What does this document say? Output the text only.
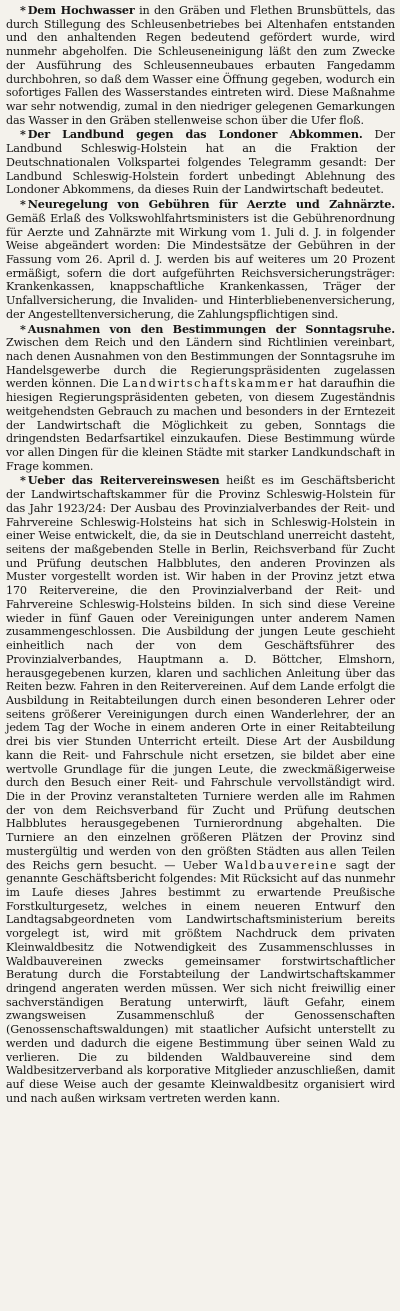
* Dem Hochwasser in den Gräben und Flethen Brunsbüttels, das durch Stillegung des Schleusenbetriebes bei Altenhafen entstanden und den anhaltenden Regen bedeutend gefördert wurde, wird nunmehr abgeholfen. Die Schleuseneinigung läßt den zum Zwecke der Ausführung des Schleusenneubaues erbauten Fangedamm durchbohren, so daß dem Wasser eine Öffnung gegeben, wodurch ein sofortiges Fallen des Wasserstandes eintreten wird. Diese Maßnahme war sehr notwendig, zumal in den niedriger gelegenen Gemarkungen das Wasser in den Gräben stellenweise schon über die Ufer floß.

* Der Landbund gegen das Londoner Abkommen. Der Landbund Schleswig-Holstein hat an die Fraktion der Deutschnationalen Volkspartei folgendes Telegramm gesandt: Der Landbund Schleswig-Holstein fordert unbedingt Ablehnung des Londoner Abkommens, da dieses Ruin der Landwirtschaft bedeutet.

* Neuregelung von Gebühren für Aerzte und Zahnärzte. Gemäß Erlaß des Volkswohlfahrtsministers ist die Gebührenordnung für Aerzte und Zahnärzte mit Wirkung vom 1. Juli d. J. in folgender Weise abgeändert worden: Die Mindestsätze der Gebühren in der Fassung vom 26. April d. J. werden bis auf weiteres um 20 Prozent ermäßigt, sofern die dort aufgeführten Reichsversicherungsträger: Krankenkassen, knappschaftliche Krankenkassen, Träger der Unfallversicherung, die Invaliden- und Hinterbliebenenversicherung, der Angestelltenversicherung, die Zahlungspflichtigen sind.

* Ausnahmen von den Bestimmungen der Sonntagsruhe. Zwischen dem Reich und den Ländern sind Richtlinien vereinbart, nach denen Ausnahmen von den Bestimmungen der Sonntagsruhe im Handelsgewerbe durch die Regierungspräsidenten zugelassen werden können. Die Landwirtschaftskammer hat daraufhin die hiesigen Regierungspräsidenten gebeten, von diesem Zugeständnis weitgehendsten Gebrauch zu machen und besonders in der Erntezeit der Landwirtschaft die Möglichkeit zu geben, Sonntags die dringendsten Bedarfsartikel einzukaufen. Diese Bestimmung würde vor allen Dingen für die kleinen Städte mit starker Landkundschaft in Frage kommen.

* Ueber das Reitervereinswesen heißt es im Geschäftsbericht der Landwirtschaftskammer für die Provinz Schleswig-Holstein für das Jahr 1923/24: Der Ausbau des Provinzialverbandes der Reit- und Fahrvereine Schleswig-Holsteins hat sich in Schleswig-Holstein in einer Weise entwickelt, die, da sie in Deutschland unerreicht dasteht, seitens der maßgebenden Stelle in Berlin, Reichsverband für Zucht und Prüfung deutschen Halbblutes, den anderen Provinzen als Muster vorgestellt worden ist. Wir haben in der Provinz jetzt etwa 170 Reitervereine, die den Provinzialverband der Reit- und Fahrvereine Schleswig-Holsteins bilden. In sich sind diese Vereine wieder in fünf Gauen oder Vereinigungen unter anderem Namen zusammengeschlossen. Die Ausbildung der jungen Leute geschieht einheitlich nach der von dem Geschäftsführer des Provinzialverbandes, Hauptmann a. D. Böttcher, Elmshorn, herausgegebenen kurzen, klaren und sachlichen Anleitung über das Reiten bezw. Fahren in den Reitervereinen. Auf dem Lande erfolgt die Ausbildung in Reitabteilungen durch einen besonderen Lehrer oder seitens größerer Vereinigungen durch einen Wanderlehrer, der an jedem Tag der Woche in einem anderen Orte in einer Reitabteilung drei bis vier Stunden Unterricht erteilt. Diese Art der Ausbildung kann die Reit- und Fahrschule nicht ersetzen, sie bildet aber eine wertvolle Grundlage für die jungen Leute, die zweckmäßigerweise durch den Besuch einer Reit- und Fahrschule vervollständigt wird. Die in der Provinz veranstalteten Turniere werden alle im Rahmen der von dem Reichsverband für Zucht und Prüfung deutschen Halbblutes herausgegebenen Turnierordnung abgehalten. Die Turniere an den einzelnen größeren Plätzen der Provinz sind mustergültig und werden von den größten Städten aus allen Teilen des Reichs gern besucht. — Ueber Waldbauvereine sagt der genannte Geschäftsbericht folgendes: Mit Rücksicht auf das nunmehr im Laufe dieses Jahres bestimmt zu erwartende Preußische Forstkulturgesetz, welches in einem neueren Entwurf den Landtagsabgeordneten vom Landwirtschaftsministerium bereits vorgelegt ist, wird mit größtem Nachdruck dem privaten Kleinwaldbesitz die Notwendigkeit des Zusammenschlusses in Waldbauvereinen zwecks gemeinsamer forstwirtschaftlicher Beratung durch die Forstabteilung der Landwirtschaftskammer dringend angeraten werden müssen. Wer sich nicht freiwillig einer sachverständigen Beratung unterwirft, läuft Gefahr, einem zwangsweisen Zusammenschluß der Genossenschaften (Genossenschaftswaldungen) mit staatlicher Aufsicht unterstellt zu werden und dadurch die eigene Bestimmung über seinen Wald zu verlieren. Die zu bildenden Waldbauvereine sind dem Waldbesitzerverband als korporative Mitglieder anzuschließen, damit auf diese Weise auch der gesamte Kleinwaldbesitz organisiert wird und nach außen wirksam vertreten werden kann.
